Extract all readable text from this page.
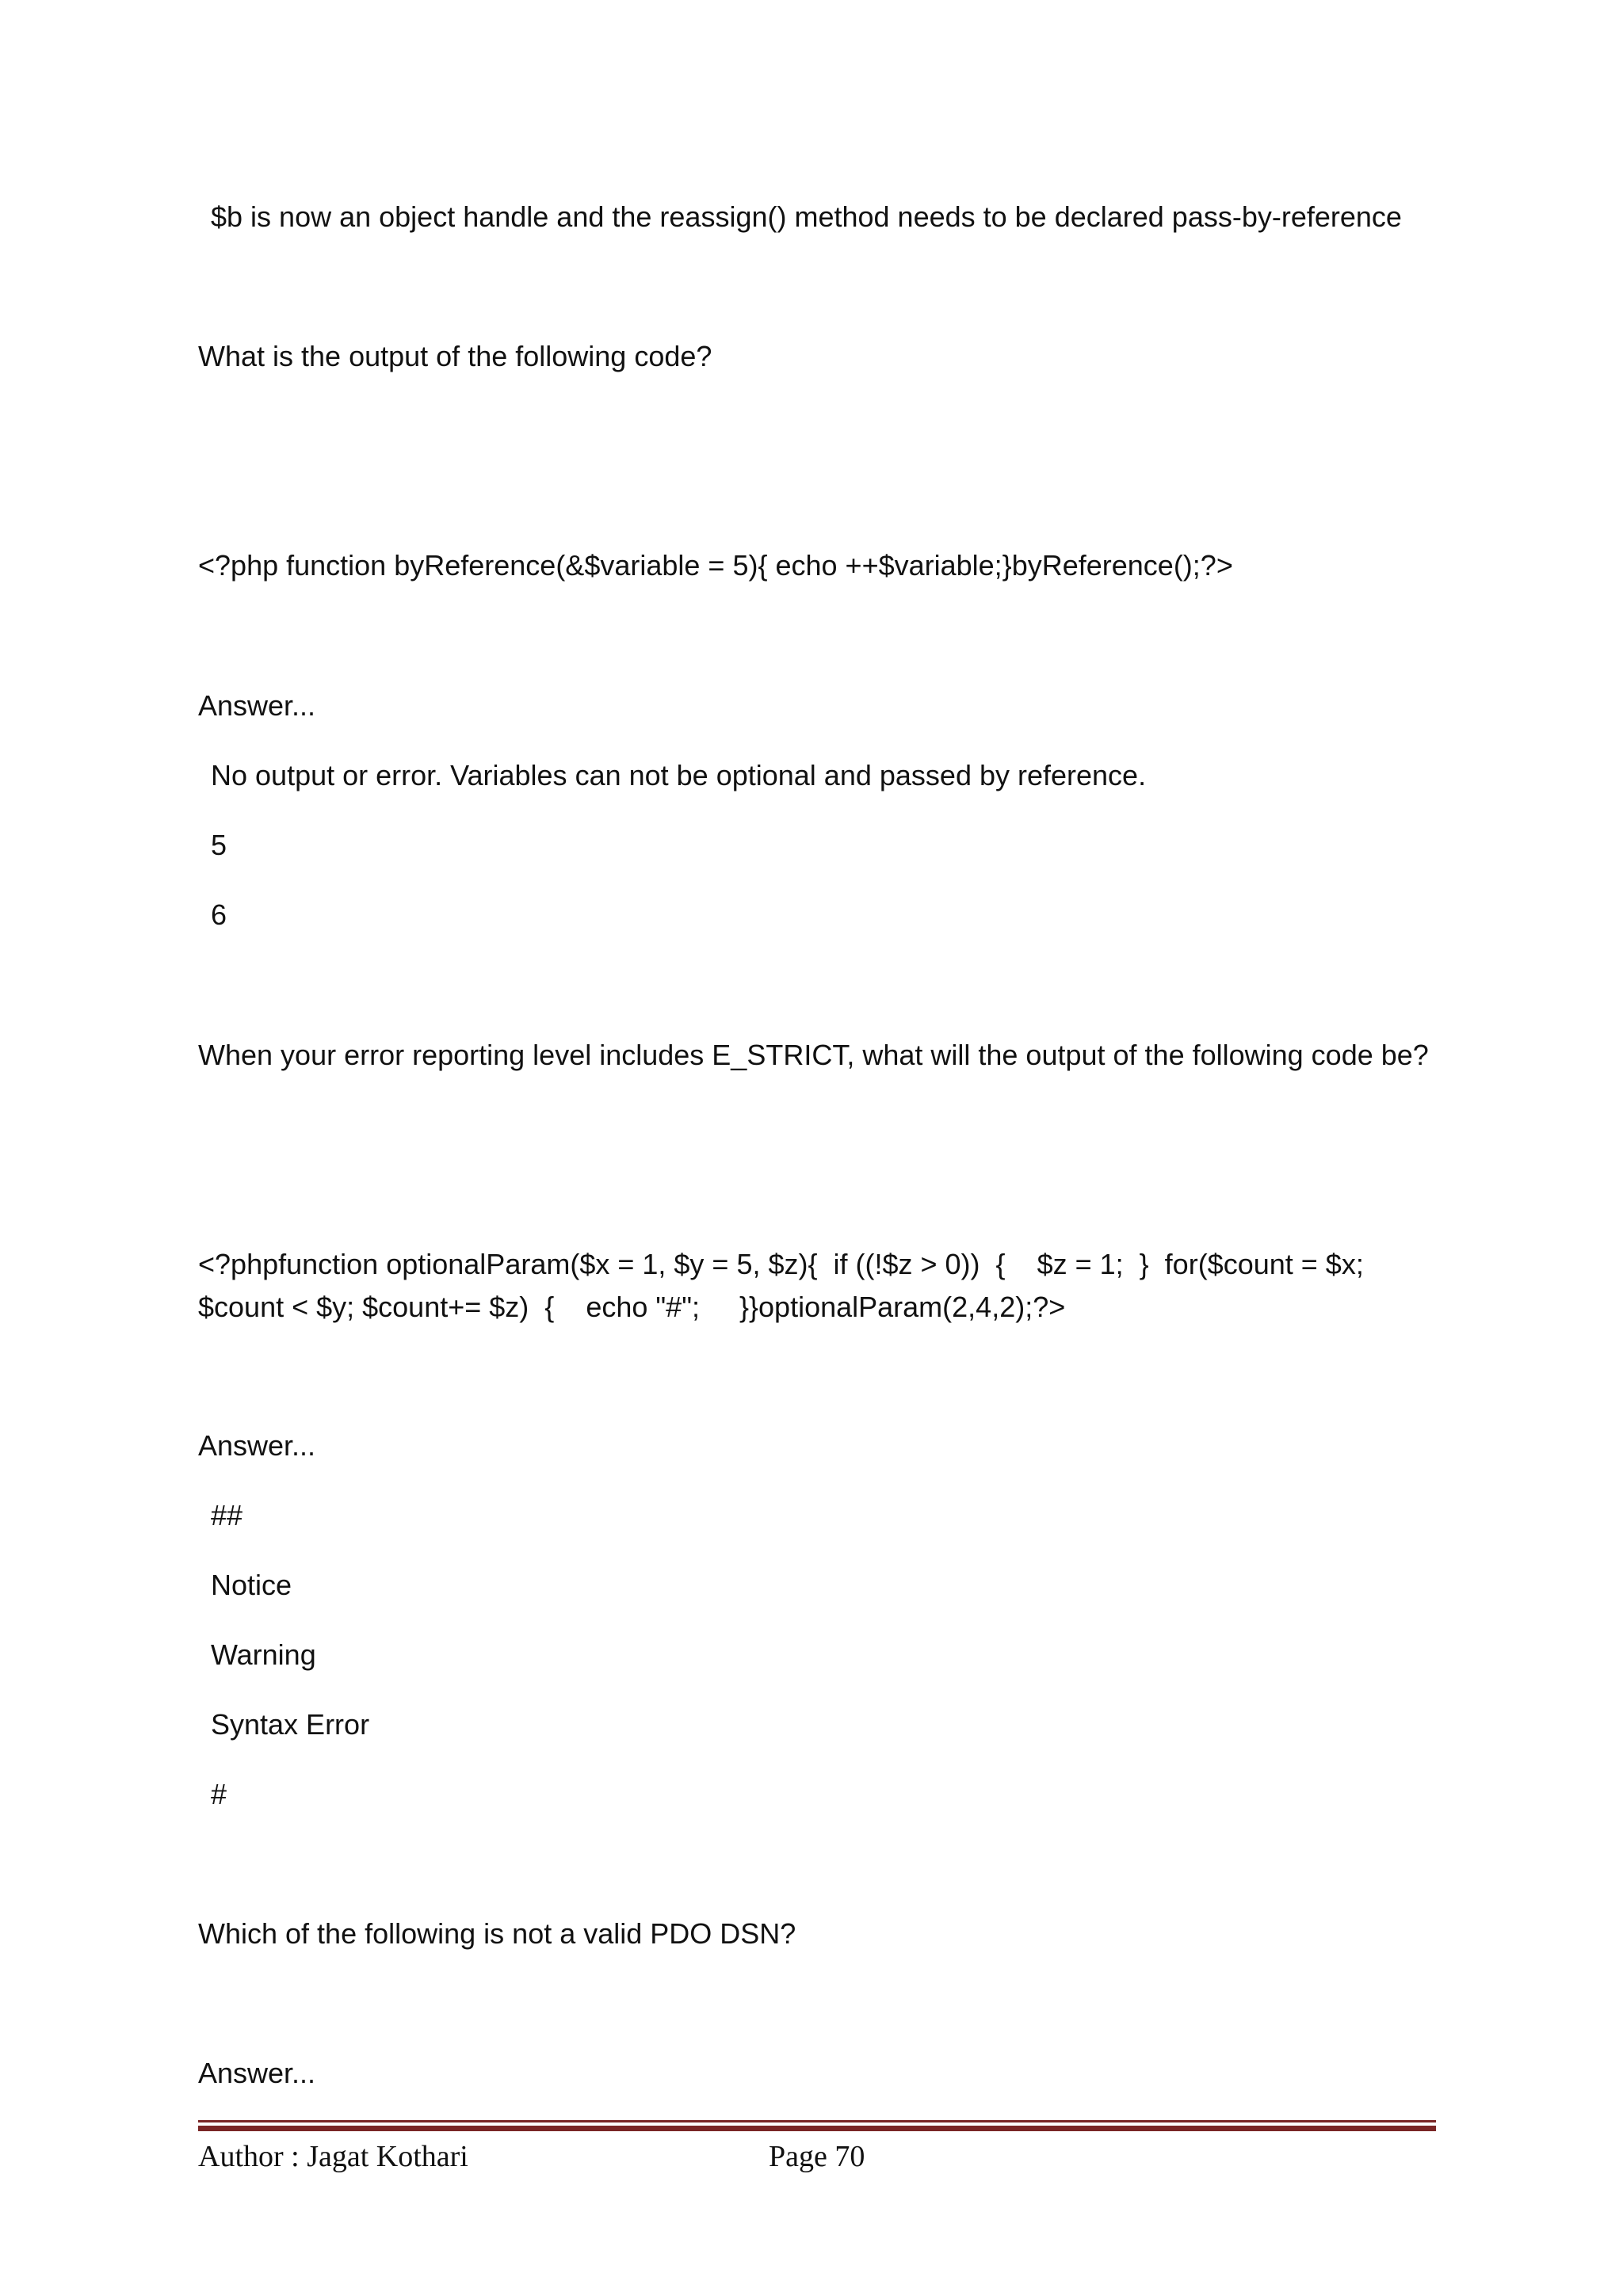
$b is now an object handle and the reassign() method needs to be declared pass-by-reference
What is the output of the following code?
<?php function byReference(&$variable = 5){ echo ++$variable;}byReference();?>
Answer...
No output or error. Variables can not be optional and passed by reference.
5
6
When your error reporting level includes E_STRICT, what will the output of the following code be?
<?phpfunction optionalParam($x = 1, $y = 5, $z){  if ((!$z > 0))  {    $z = 1;  }  for($count = $x; $count < $y; $count+= $z)  {    echo "#";     }}optionalParam(2,4,2);?>
Answer...
##
Notice
Warning
Syntax Error
#
Which of the following is not a valid PDO DSN?
Answer...
Author : Jagat Kothari	Page 70
